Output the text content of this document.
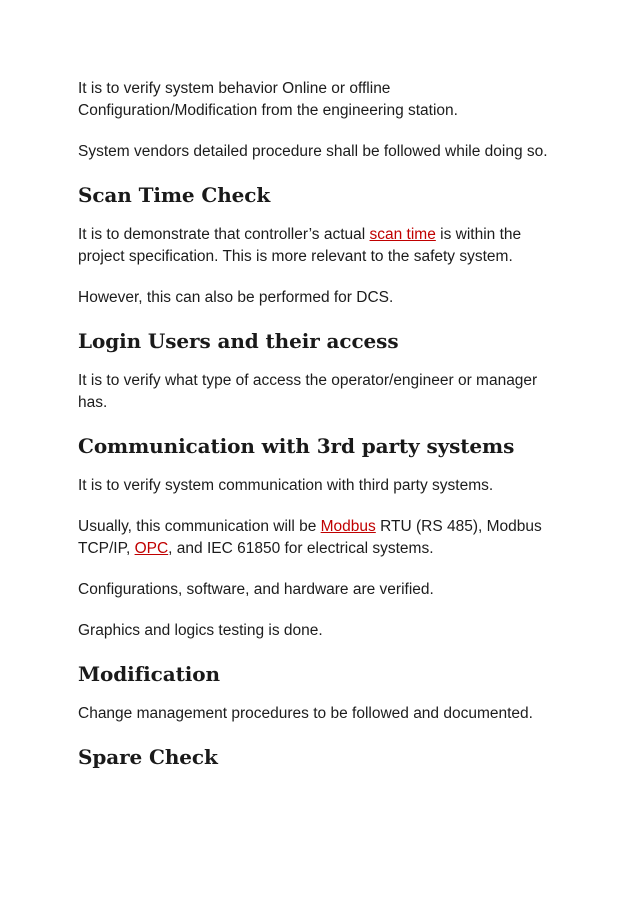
It is to verify system behavior Online or offline Configuration/Modification from the engineering station.

System vendors detailed procedure shall be followed while doing so.

Scan Time Check

It is to demonstrate that controller’s actual scan time is within the project specification. This is more relevant to the safety system.

However, this can also be performed for DCS.

Login Users and their access

It is to verify what type of access the operator/engineer or manager has.

Communication with 3rd party systems

It is to verify system communication with third party systems.

Usually, this communication will be Modbus RTU (RS 485), Modbus TCP/IP, OPC, and IEC 61850 for electrical systems.

Configurations, software, and hardware are verified.

Graphics and logics testing is done.

Modification

Change management procedures to be followed and documented.

Spare Check
